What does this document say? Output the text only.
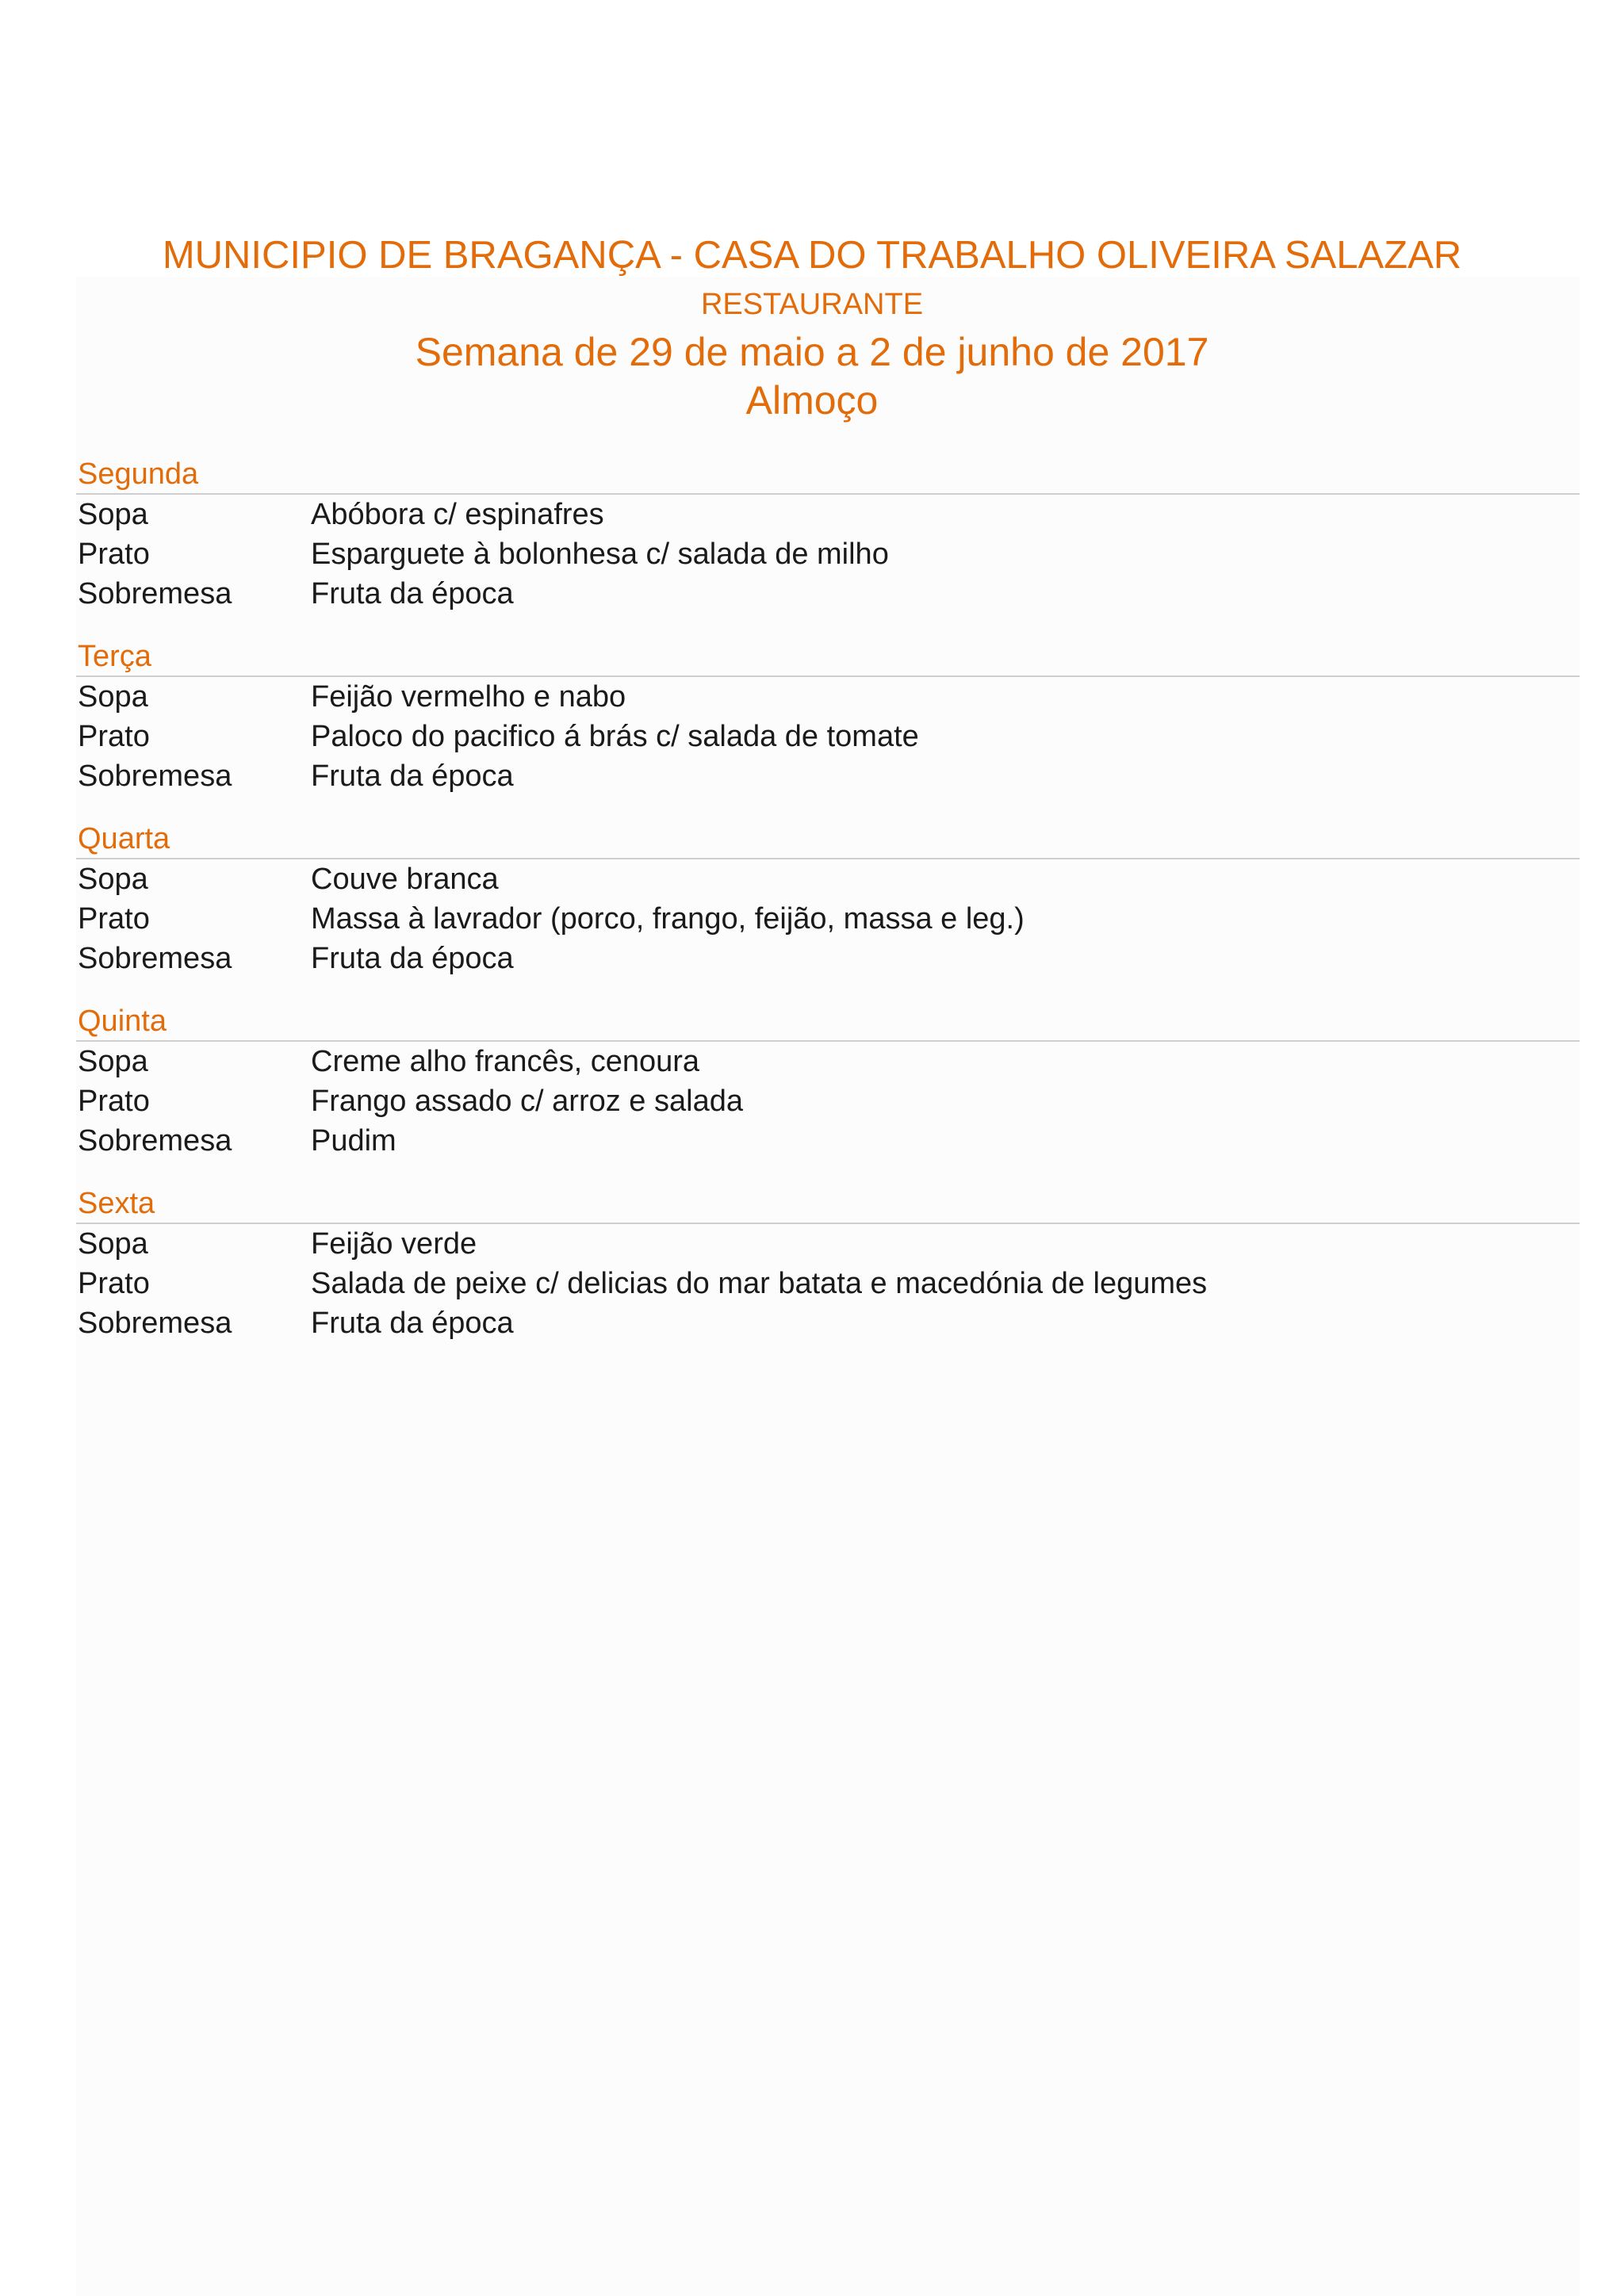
MUNICIPIO DE BRAGANÇA - CASA DO TRABALHO OLIVEIRA SALAZAR
RESTAURANTE
Semana de 29 de maio a 2 de junho de 2017
Almoço
Segunda
Sopa	Abóbora c/ espinafres
Prato	Esparguete à bolonhesa c/ salada de milho
Sobremesa	Fruta da época
Terça
Sopa	Feijão vermelho e nabo
Prato	Paloco do pacifico á brás c/ salada de tomate
Sobremesa	Fruta da época
Quarta
Sopa	Couve branca
Prato	Massa à lavrador (porco, frango, feijão, massa e leg.)
Sobremesa	Fruta da época
Quinta
Sopa	Creme alho francês, cenoura
Prato	Frango assado c/ arroz e salada
Sobremesa	Pudim
Sexta
Sopa	Feijão verde
Prato	Salada de peixe c/ delicias do mar batata e macedónia de legumes
Sobremesa	Fruta da época
